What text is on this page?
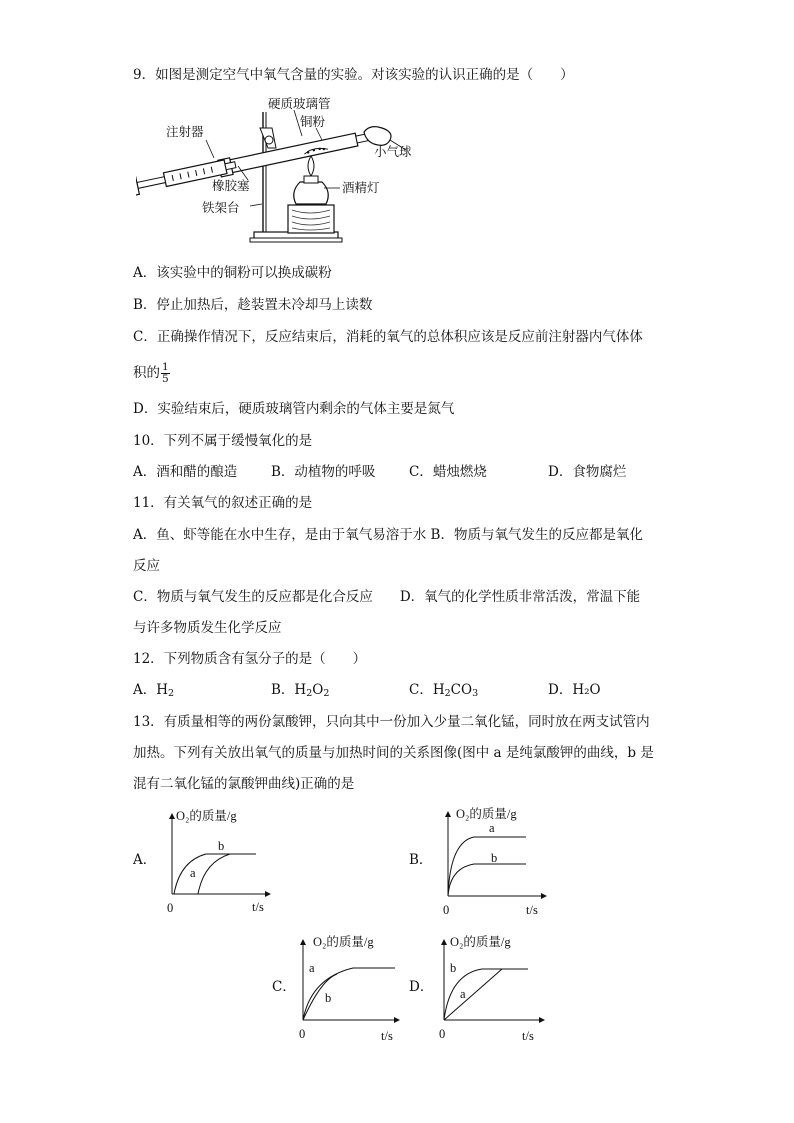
9．如图是测定空气中氧气含量的实验。对该实验的认识正确的是（　　）
硬质玻璃管
铜粉
注射器
小气球
橡胶塞	酒精灯
铁架台
A．该实验中的铜粉可以换成碳粉
B．停止加热后，趁装置未冷却马上读数
C．正确操作情况下，反应结束后，消耗的氧气的总体积应该是反应前注射器内气体体
积的 $\frac{1}{5}$
D．实验结束后，硬质玻璃管内剩余的气体主要是氮气
10．下列不属于缓慢氧化的是
A．酒和醋的酿造	B．动植物的呼吸 C．蜡烛燃烧	D．食物腐烂
11．有关氧气的叙述正确的是
A．鱼、虾等能在水中生存，是由于氧气易溶于水 B．物质与氧气发生的反应都是氧化
反应
C．物质与氧气发生的反应都是化合反应　　D．氧气的化学性质非常活泼，常温下能
与许多物质发生化学反应
12．下列物质含有氢分子的是（　　）
A．$H_2$	B．$H_2O_2$	C．$H_2CO_3$	D．H₂O
13．有质量相等的两份氯酸钾，只向其中一份加入少量二氧化锰，同时放在两支试管内
加热。下列有关放出氧气的质量与加热时间的关系图像(图中 a 是纯氯酸钾的曲线，b 是
混有二氧化锰的氯酸钾曲线)正确的是
A．
O₂的质量/g
t/s
0
a
b
B．
O₂的质量/g
t/s
0
a
b
C．
O₂的质量/g
t/s
0
a
b
D．
O₂的质量/g
t/s
0
a
b
